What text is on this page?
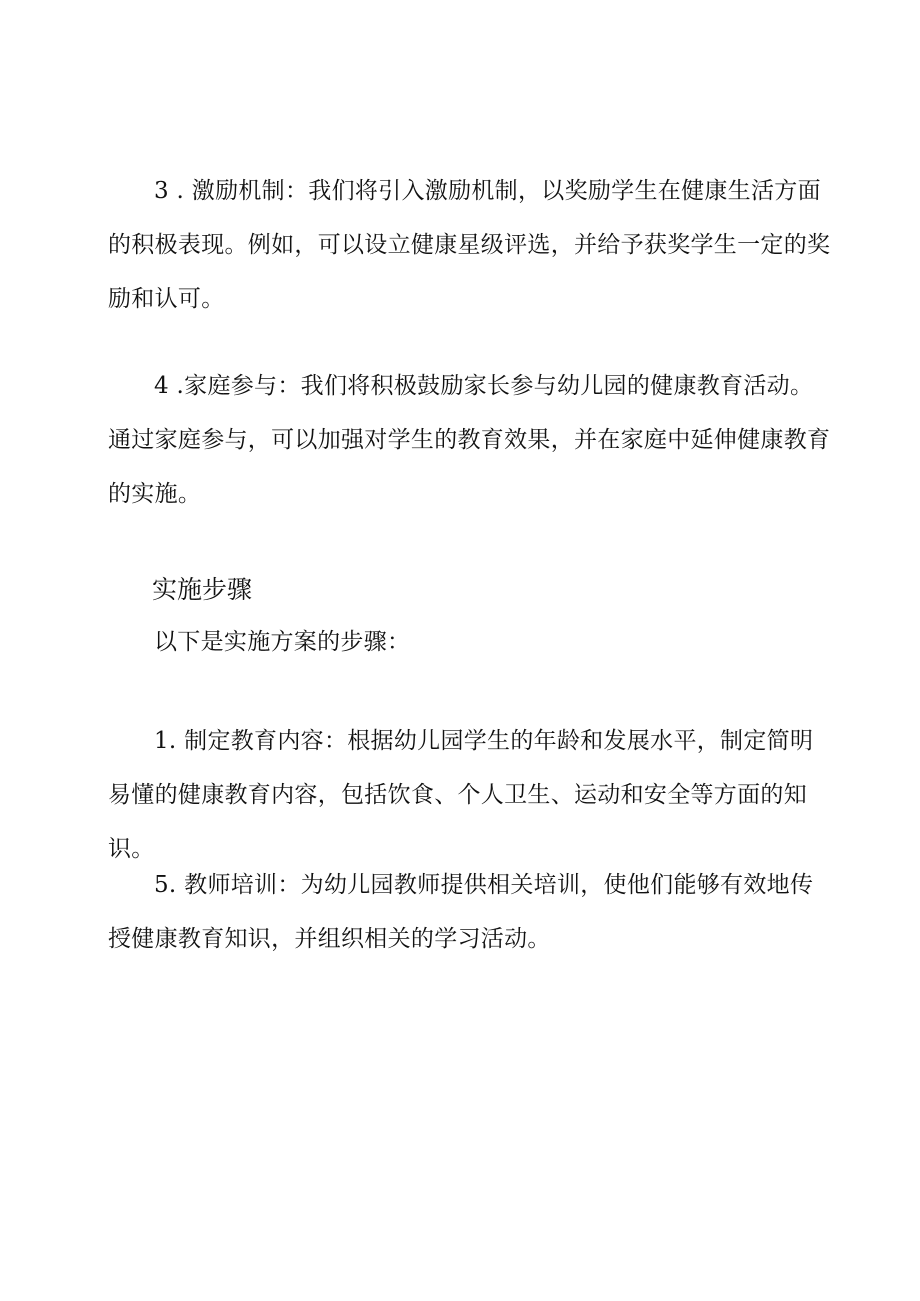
3 . 激励机制：我们将引入激励机制，以奖励学生在健康生活方面的积极表现。例如，可以设立健康星级评选，并给予获奖学生一定的奖励和认可。

4 .家庭参与：我们将积极鼓励家长参与幼儿园的健康教育活动。通过家庭参与，可以加强对学生的教育效果，并在家庭中延伸健康教育的实施。

实施步骤

以下是实施方案的步骤：

1. 制定教育内容：根据幼儿园学生的年龄和发展水平，制定简明易懂的健康教育内容，包括饮食、个人卫生、运动和安全等方面的知识。

5. 教师培训：为幼儿园教师提供相关培训，使他们能够有效地传授健康教育知识，并组织相关的学习活动。
